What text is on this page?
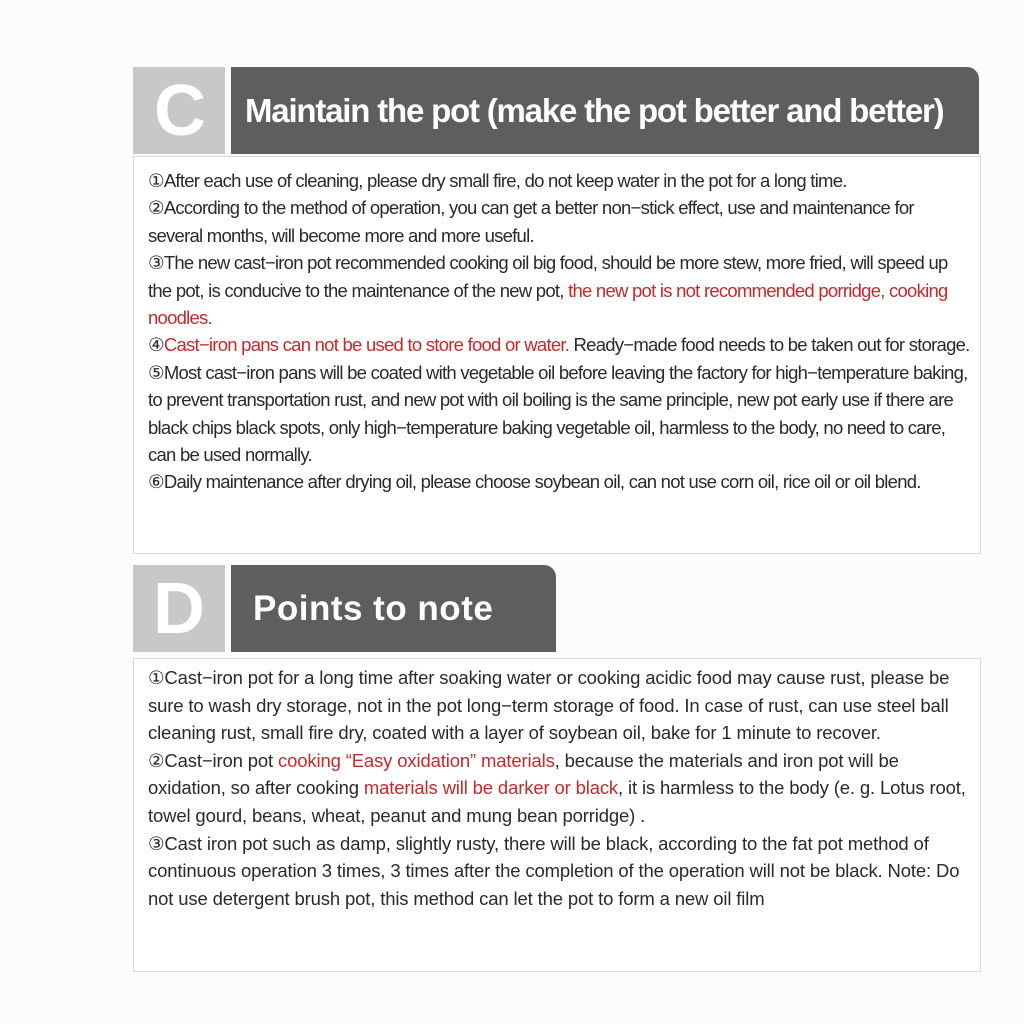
C	Maintain the pot (make the pot better and better)
①After each use of cleaning, please dry small fire, do not keep water in the pot for a long time.
②According to the method of operation, you can get a better non−stick effect, use and maintenance for several months, will become more and more useful.
③The new cast−iron pot recommended cooking oil big food, should be more stew, more fried, will speed up the pot, is conducive to the maintenance of the new pot, the new pot is not recommended porridge, cooking noodles.
④Cast−iron pans can not be used to store food or water. Ready−made food needs to be taken out for storage.
⑤Most cast−iron pans will be coated with vegetable oil before leaving the factory for high−temperature baking, to prevent transportation rust, and new pot with oil boiling is the same principle, new pot early use if there are black chips black spots, only high−temperature baking vegetable oil, harmless to the body, no need to care, can be used normally.
⑥Daily maintenance after drying oil, please choose soybean oil, can not use corn oil, rice oil or oil blend.
D	Points to note
①Cast−iron pot for a long time after soaking water or cooking acidic food may cause rust, please be sure to wash dry storage, not in the pot long−term storage of food. In case of rust, can use steel ball cleaning rust, small fire dry, coated with a layer of soybean oil, bake for 1 minute to recover.
②Cast−iron pot cooking “Easy oxidation” materials, because the materials and iron pot will be oxidation, so after cooking materials will be darker or black, it is harmless to the body (e. g. Lotus root, towel gourd, beans, wheat, peanut and mung bean porridge) .
③Cast iron pot such as damp, slightly rusty, there will be black, according to the fat pot method of continuous operation 3 times, 3 times after the completion of the operation will not be black. Note: Do not use detergent brush pot, this method can let the pot to form a new oil film
